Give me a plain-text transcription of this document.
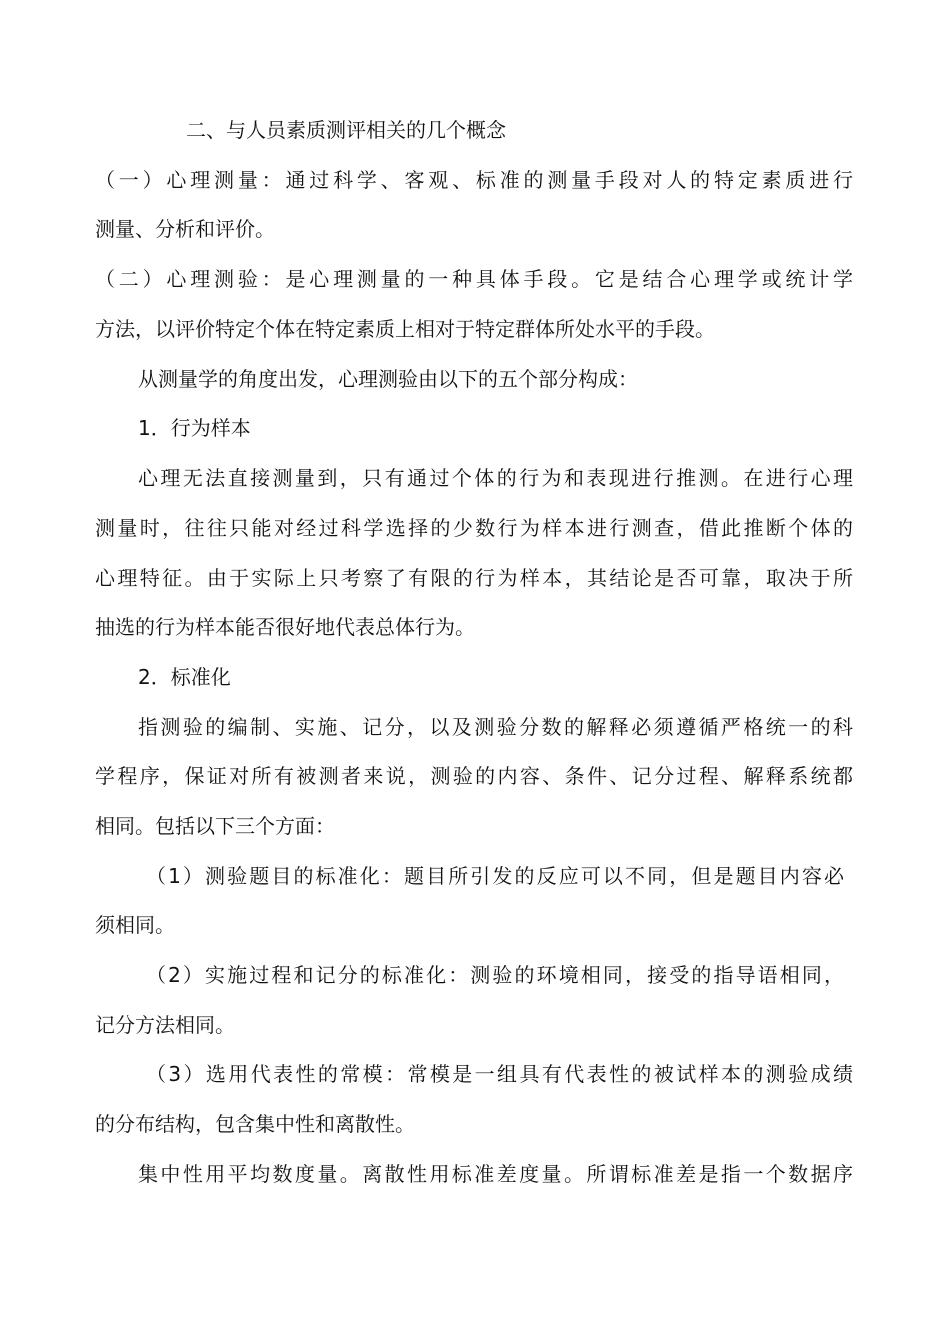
二、与人员素质测评相关的几个概念

（一）心理测量：通过科学、客观、标准的测量手段对人的特定素质进行

测量、分析和评价。

（二）心理测验：是心理测量的一种具体手段。它是结合心理学或统计学

方法，以评价特定个体在特定素质上相对于特定群体所处水平的手段。

从测量学的角度出发，心理测验由以下的五个部分构成：

1．行为样本

心理无法直接测量到，只有通过个体的行为和表现进行推测。在进行心理

测量时，往往只能对经过科学选择的少数行为样本进行测查，借此推断个体的

心理特征。由于实际上只考察了有限的行为样本，其结论是否可靠，取决于所

抽选的行为样本能否很好地代表总体行为。

2．标准化

指测验的编制、实施、记分，以及测验分数的解释必须遵循严格统一的科

学程序，保证对所有被测者来说，测验的内容、条件、记分过程、解释系统都

相同。包括以下三个方面：

（1）测验题目的标准化：题目所引发的反应可以不同，但是题目内容必

须相同。

（2）实施过程和记分的标准化：测验的环境相同，接受的指导语相同，

记分方法相同。

（3）选用代表性的常模：常模是一组具有代表性的被试样本的测验成绩

的分布结构，包含集中性和离散性。

集中性用平均数度量。离散性用标准差度量。所谓标准差是指一个数据序
